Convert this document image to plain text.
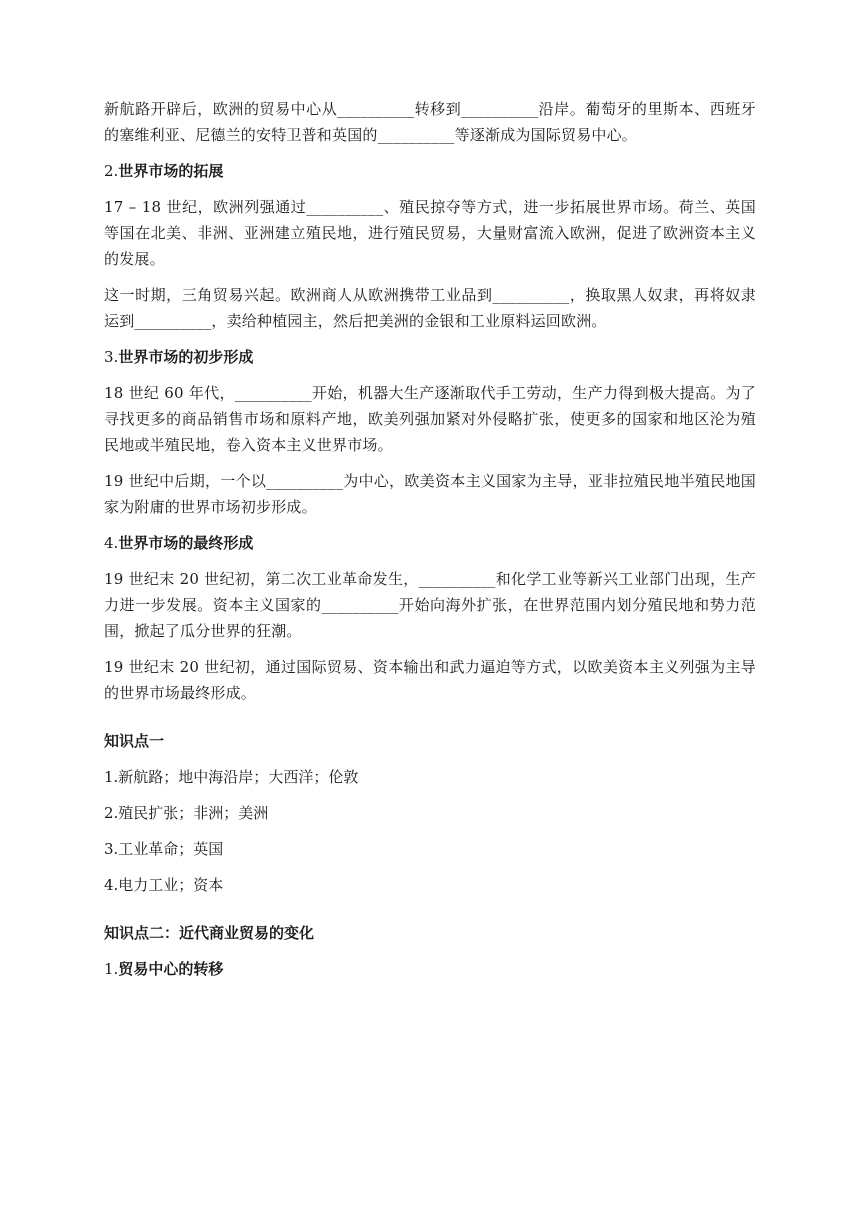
新航路开辟后，欧洲的贸易中心从__________转移到__________沿岸。葡萄牙的里斯本、西班牙的塞维利亚、尼德兰的安特卫普和英国的__________等逐渐成为国际贸易中心。

2.世界市场的拓展

17 – 18 世纪，欧洲列强通过__________、殖民掠夺等方式，进一步拓展世界市场。荷兰、英国等国在北美、非洲、亚洲建立殖民地，进行殖民贸易，大量财富流入欧洲，促进了欧洲资本主义的发展。

这一时期，三角贸易兴起。欧洲商人从欧洲携带工业品到__________，换取黑人奴隶，再将奴隶运到__________，卖给种植园主，然后把美洲的金银和工业原料运回欧洲。

3.世界市场的初步形成

18 世纪 60 年代，__________开始，机器大生产逐渐取代手工劳动，生产力得到极大提高。为了寻找更多的商品销售市场和原料产地，欧美列强加紧对外侵略扩张，使更多的国家和地区沦为殖民地或半殖民地，卷入资本主义世界市场。

19 世纪中后期，一个以__________为中心，欧美资本主义国家为主导，亚非拉殖民地半殖民地国家为附庸的世界市场初步形成。

4.世界市场的最终形成

19 世纪末 20 世纪初，第二次工业革命发生，__________和化学工业等新兴工业部门出现，生产力进一步发展。资本主义国家的__________开始向海外扩张，在世界范围内划分殖民地和势力范围，掀起了瓜分世界的狂潮。

19 世纪末 20 世纪初，通过国际贸易、资本输出和武力逼迫等方式，以欧美资本主义列强为主导的世界市场最终形成。

知识点一
1.新航路；地中海沿岸；大西洋；伦敦
2.殖民扩张；非洲；美洲
3.工业革命；英国
4.电力工业；资本
知识点二：近代商业贸易的变化
1.贸易中心的转移
